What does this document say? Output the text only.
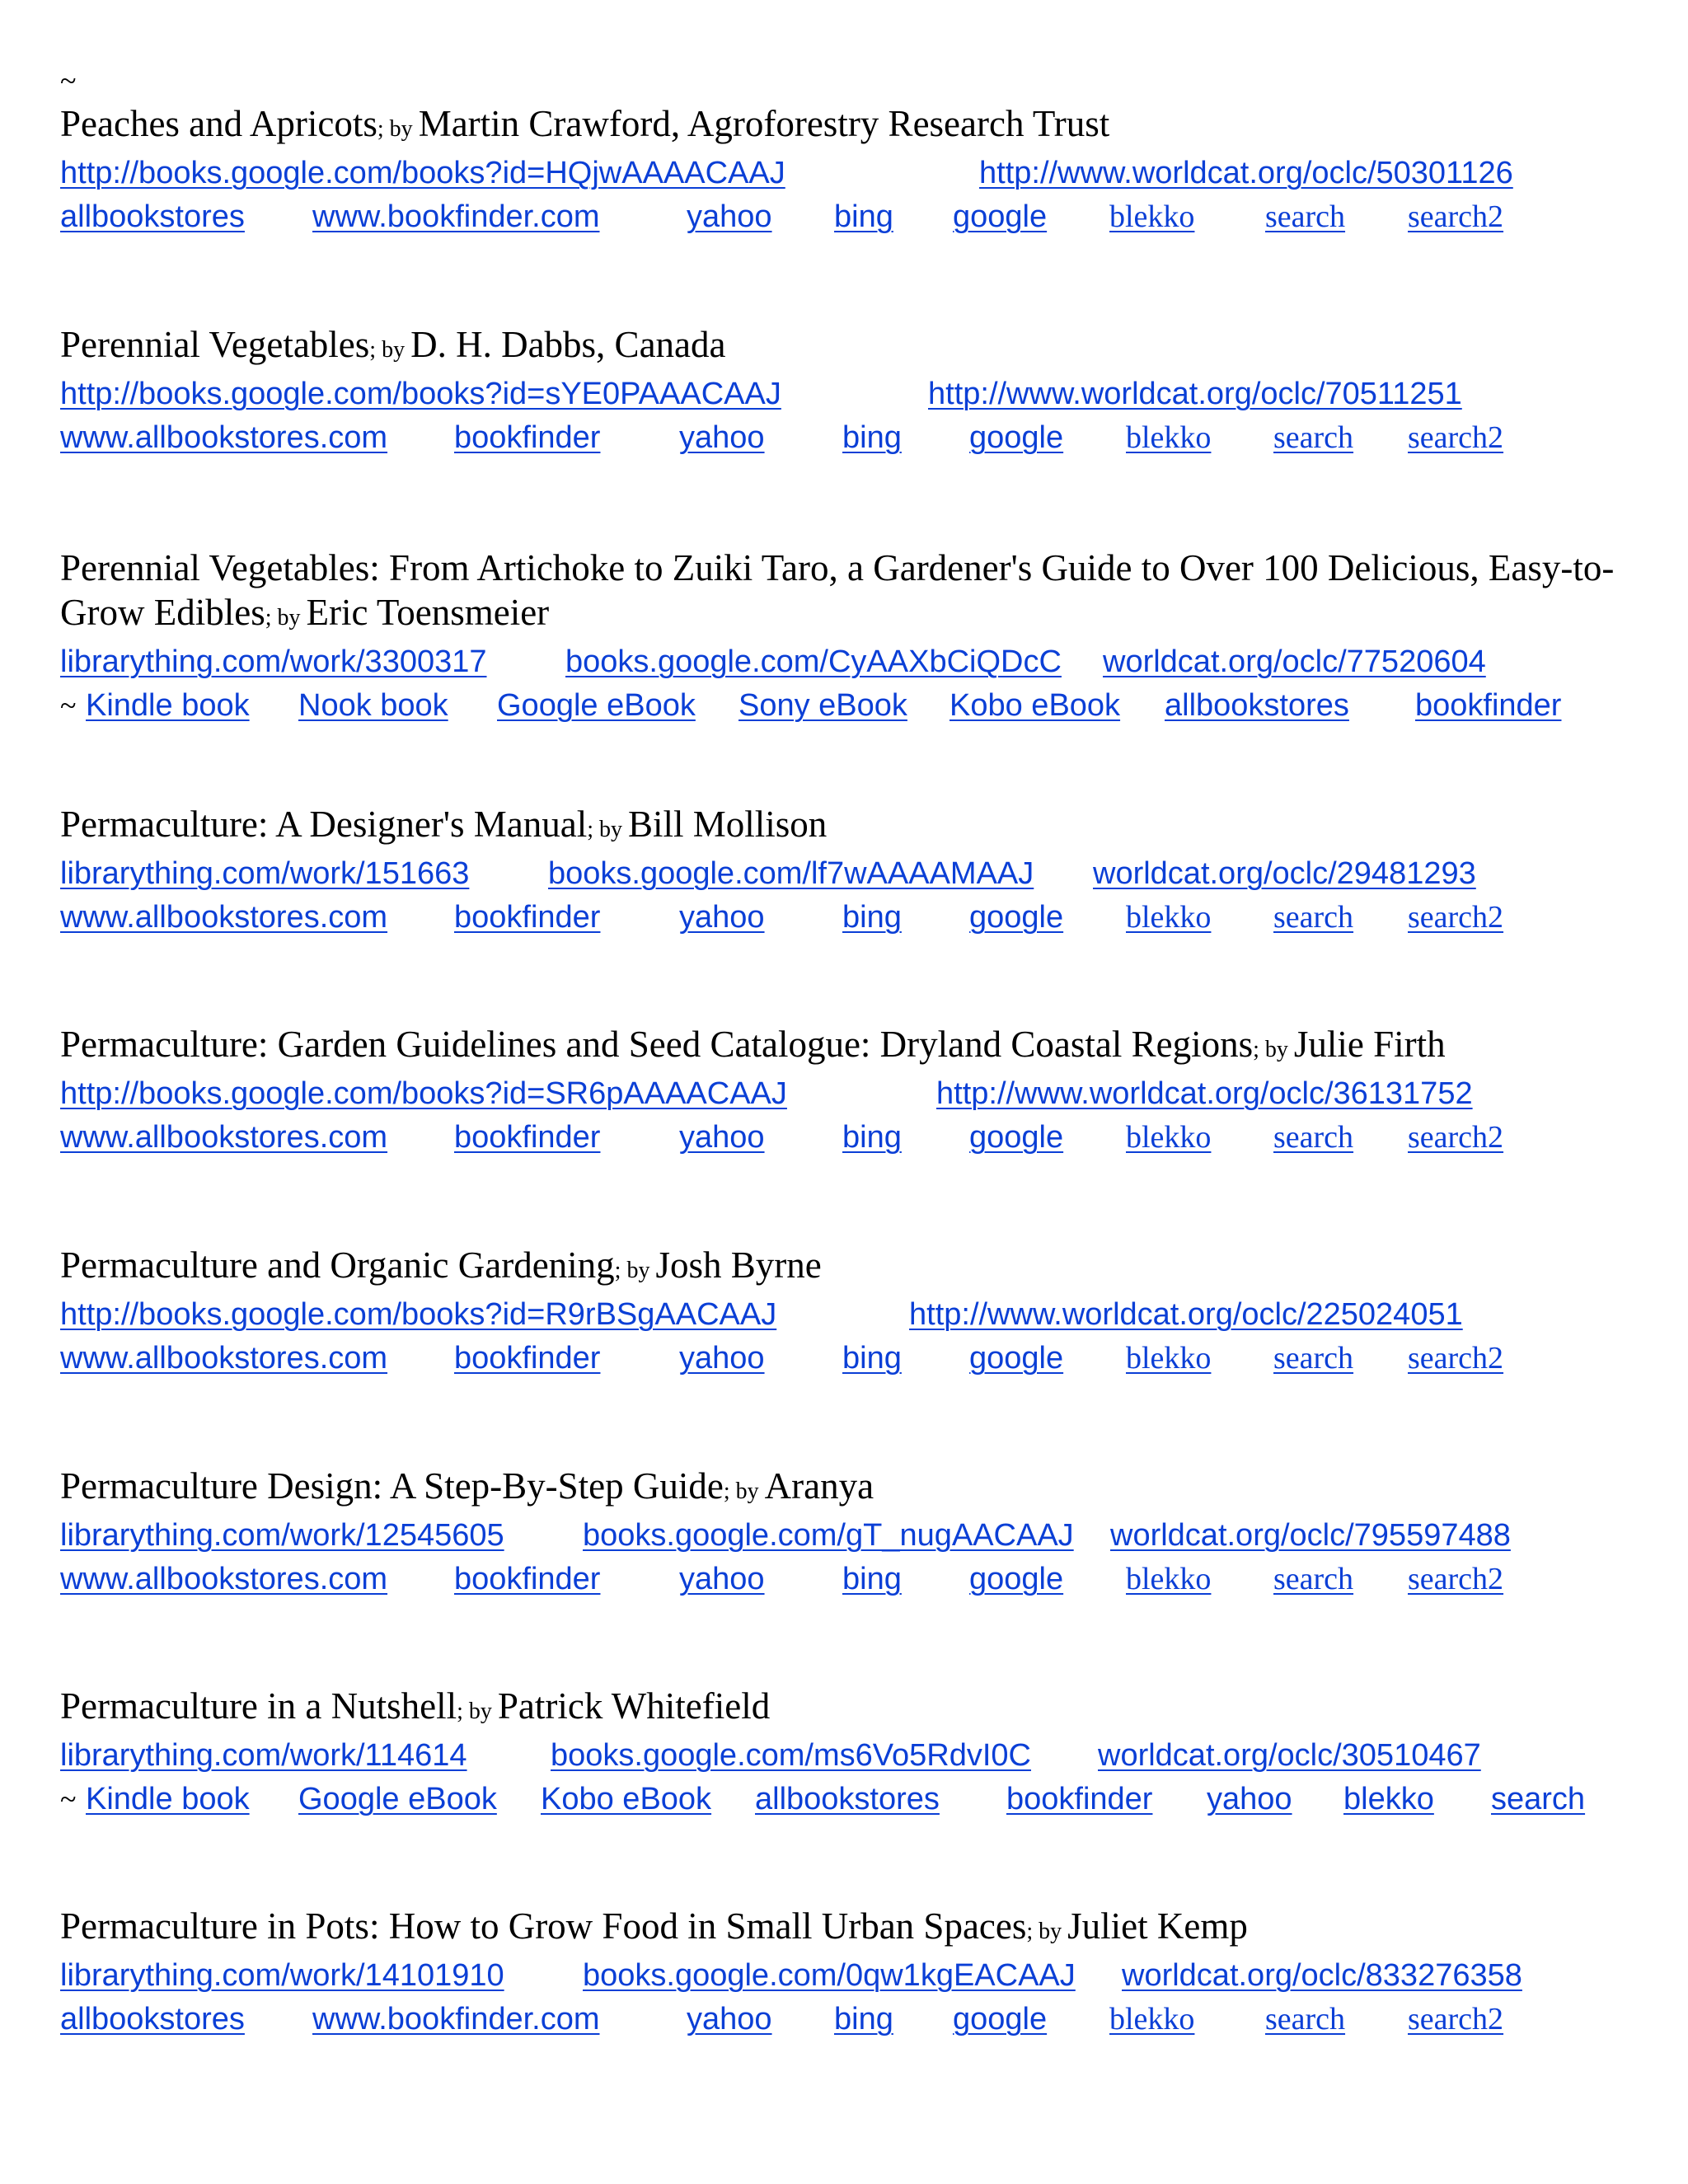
~
Peaches and Apricots; by Martin Crawford, Agroforestry Research Trust
http://books.google.com/books?id=HQjwAAAACAAJ	http://www.worldcat.org/oclc/50301126
allbookstores www.bookfinder.com	yahoo bing google blekko search search2
Perennial Vegetables; by D. H. Dabbs, Canada
http://books.google.com/books?id=sYE0PAAACAAJ	http://www.worldcat.org/oclc/70511251
www.allbookstores.com bookfinder	yahoo bing google blekko search search2
Perennial Vegetables: From Artichoke to Zuiki Taro, a Gardener's Guide to Over 100 Delicious, Easy-to-Grow Edibles; by Eric Toensmeier
librarything.com/work/3300317	books.google.com/CyAAXbCiQDcC worldcat.org/oclc/77520604
~ Kindle book Nook book Google eBook Sony eBook Kobo eBook allbookstores bookfinder
Permaculture: A Designer's Manual; by Bill Mollison
librarything.com/work/151663	books.google.com/lf7wAAAAMAAJ worldcat.org/oclc/29481293
www.allbookstores.com bookfinder	yahoo bing google blekko search search2
Permaculture: Garden Guidelines and Seed Catalogue: Dryland Coastal Regions; by Julie Firth
http://books.google.com/books?id=SR6pAAAACAAJ	http://www.worldcat.org/oclc/36131752
www.allbookstores.com bookfinder	yahoo bing google blekko search search2
Permaculture and Organic Gardening; by Josh Byrne
http://books.google.com/books?id=R9rBSgAACAAJ	http://www.worldcat.org/oclc/225024051
www.allbookstores.com bookfinder	yahoo bing google blekko search search2
Permaculture Design: A Step-By-Step Guide; by Aranya
librarything.com/work/12545605	books.google.com/gT_nugAACAAJ worldcat.org/oclc/795597488
www.allbookstores.com bookfinder	yahoo bing google blekko search search2
Permaculture in a Nutshell; by Patrick Whitefield
librarything.com/work/114614	books.google.com/ms6Vo5RdvI0C worldcat.org/oclc/30510467
~ Kindle book Google eBook Kobo eBook allbookstores bookfinder yahoo blekko search
Permaculture in Pots: How to Grow Food in Small Urban Spaces; by Juliet Kemp
librarything.com/work/14101910	books.google.com/0qw1kgEACAAJ worldcat.org/oclc/833276358
allbookstores www.bookfinder.com	yahoo bing google blekko search search2
